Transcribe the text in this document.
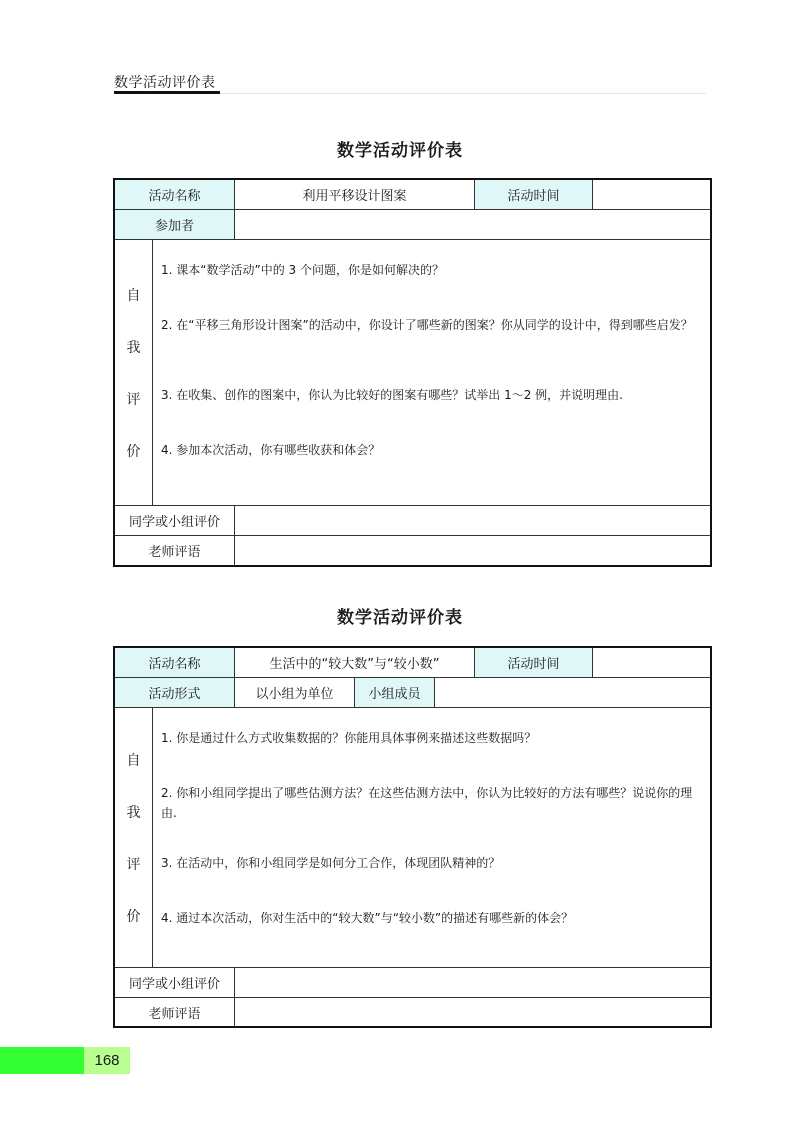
数学活动评价表
数学活动评价表
活动名称	利用平移设计图案	活动时间
参加者
自
我
评
价
1. 课本“数学活动”中的 3 个问题，你是如何解决的？
2. 在“平移三角形设计图案”的活动中，你设计了哪些新的图案？你从同学的设计中，得到哪些启发？
3. 在收集、创作的图案中，你认为比较好的图案有哪些？试举出 1～2 例，并说明理由.
4. 参加本次活动，你有哪些收获和体会？
同学或小组评价
老师评语
数学活动评价表
活动名称	生活中的“较大数”与“较小数”	活动时间
活动形式	以小组为单位	小组成员
自
我
评
价
1. 你是通过什么方式收集数据的？你能用具体事例来描述这些数据吗？
2. 你和小组同学提出了哪些估测方法？在这些估测方法中，你认为比较好的方法有哪些？说说你的理由.
3. 在活动中，你和小组同学是如何分工合作，体现团队精神的？
4. 通过本次活动，你对生活中的“较大数”与“较小数”的描述有哪些新的体会？
同学或小组评价
老师评语
168
